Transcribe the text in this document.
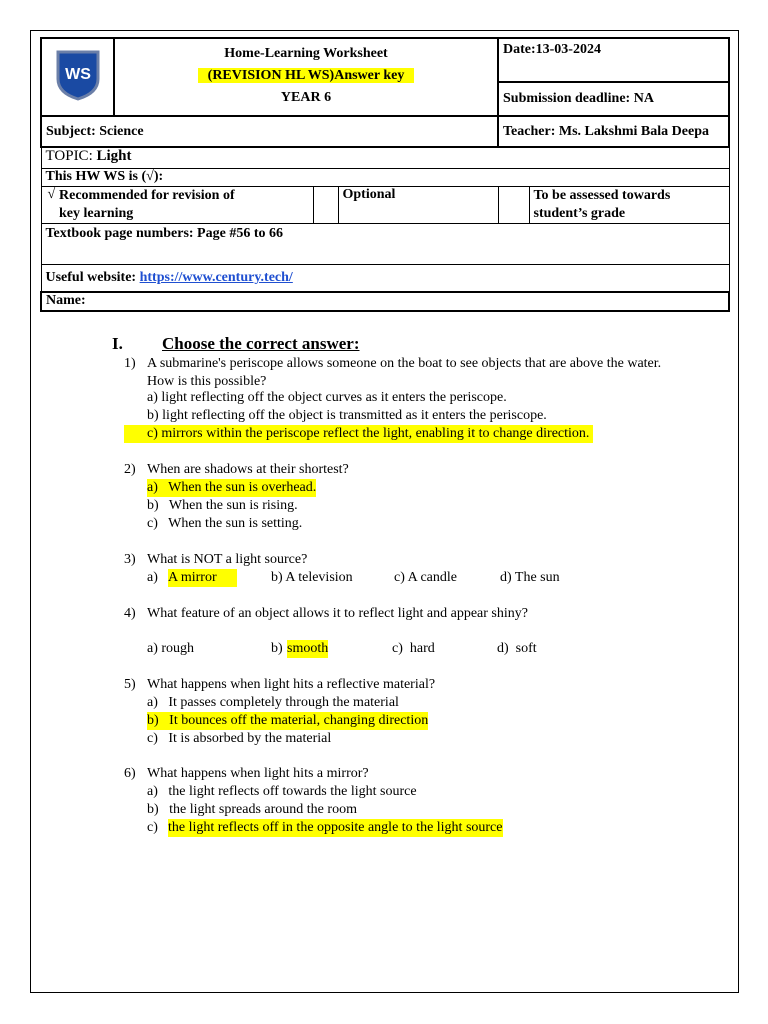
WS	Home-Learning Worksheet
(REVISION HL WS)Answer key
YEAR 6			Date:13-03-2024	
				Submission deadline: NA	
Subject: Science				Teacher: Ms. Lakshmi Bala Deepa	
TOPIC: Light					
This HW WS is (√):					
√	Recommended for revision of key learning		Optional		To be assessed towards student’s grade
Textbook page numbers: Page #56 to 66					
Useful website: https://www.century.tech/					
Name:					
I. Choose the correct answer:
1) A submarine's periscope allows someone on the boat to see objects that are above the water. How is this possible?
a) light reflecting off the object curves as it enters the periscope.
b) light reflecting off the object is transmitted as it enters the periscope.
c) mirrors within the periscope reflect the light, enabling it to change direction.
2) When are shadows at their shortest?
a)   When the sun is overhead.
b)   When the sun is rising.
c)   When the sun is setting.
3) What is NOT a light source?
a) A mirror	b) A television	c) A candle	d) The sun
4) What feature of an object allows it to reflect light and appear shiny?
a) rough	b) smooth	c)  hard	d)  soft
5) What happens when light hits a reflective material?
a)   It passes completely through the material
b)   It bounces off the material, changing direction
c)   It is absorbed by the material
6) What happens when light hits a mirror?
a)   the light reflects off towards the light source
b)   the light spreads around the room
c) the light reflects off in the opposite angle to the light source
